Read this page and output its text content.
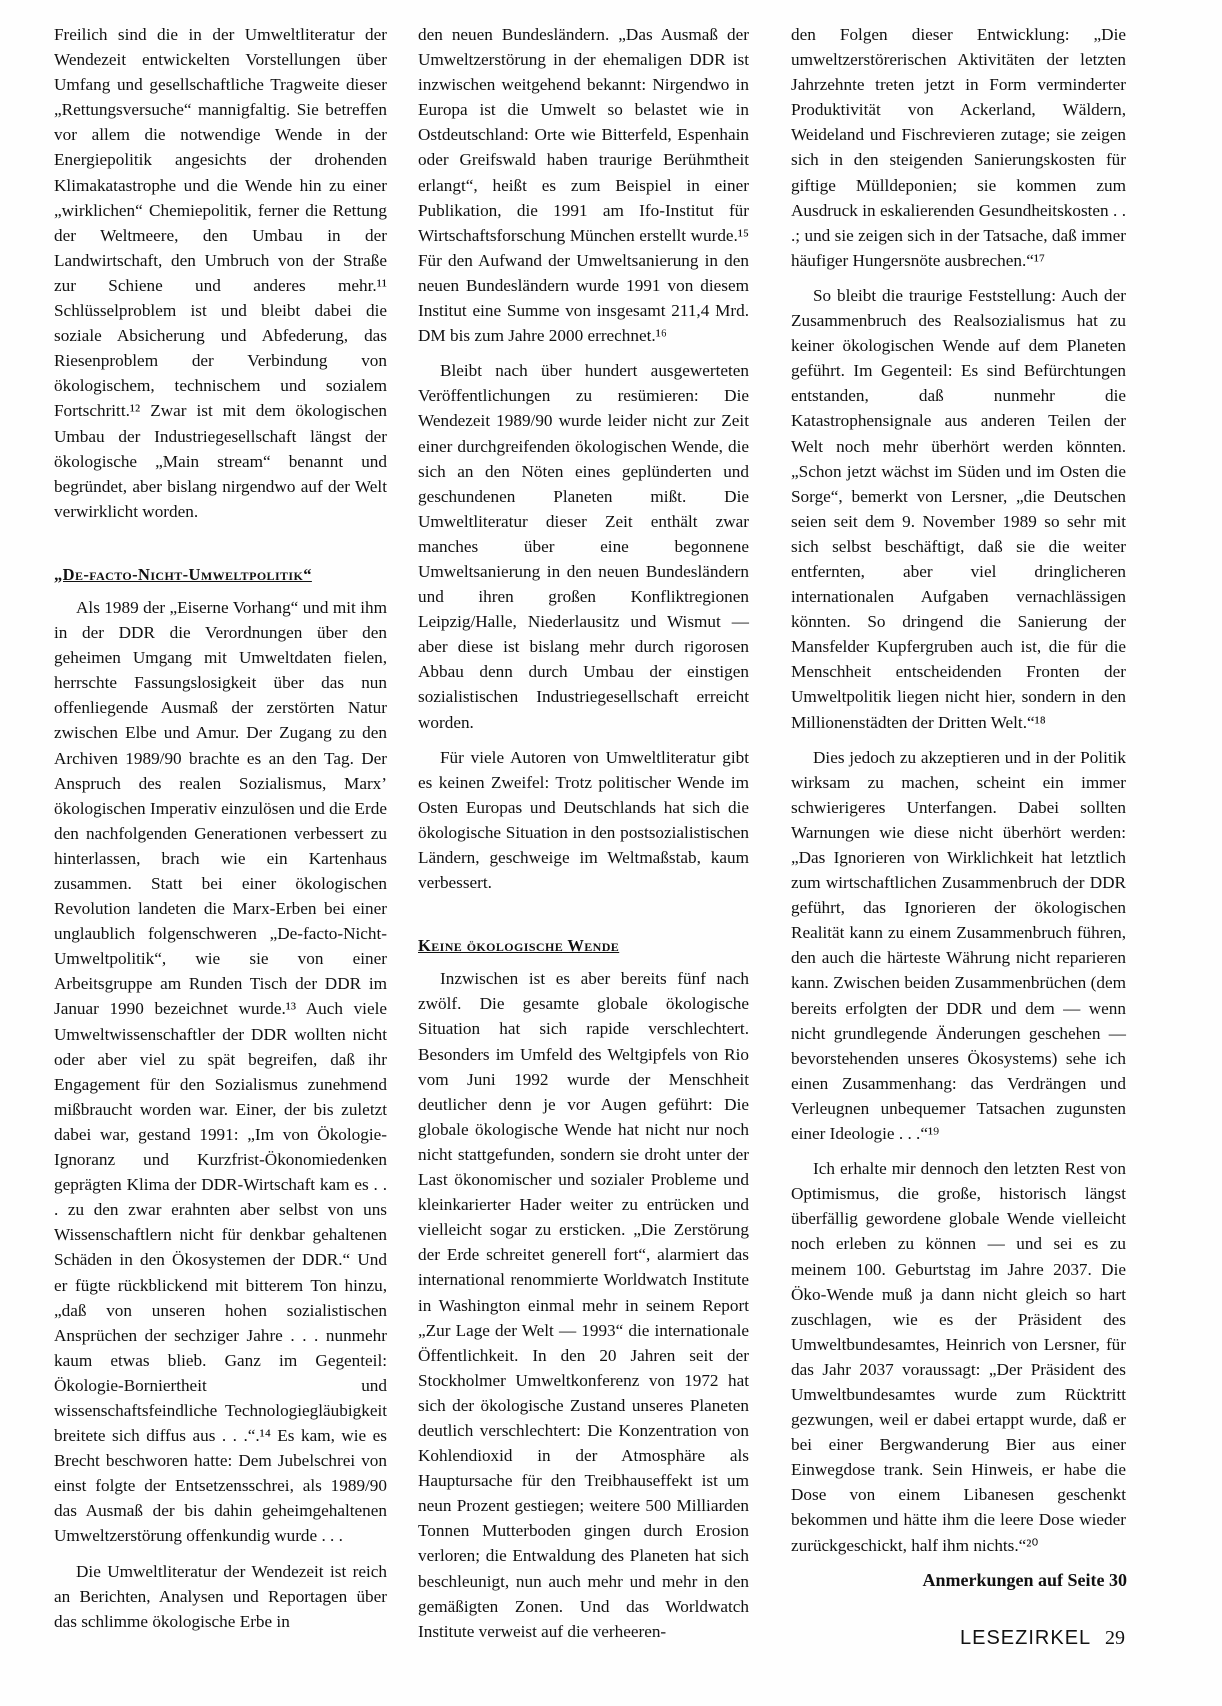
Freilich sind die in der Umweltliteratur der Wendezeit entwickelten Vorstellungen über Umfang und gesellschaftliche Tragweite dieser „Rettungsversuche“ mannigfaltig. Sie betreffen vor allem die notwendige Wende in der Energiepolitik angesichts der drohenden Klimakatastrophe und die Wende hin zu einer „wirklichen“ Chemiepolitik, ferner die Rettung der Weltmeere, den Umbau in der Landwirtschaft, den Umbruch von der Straße zur Schiene und anderes mehr.¹¹ Schlüsselproblem ist und bleibt dabei die soziale Absicherung und Abfederung, das Riesenproblem der Verbindung von ökologischem, technischem und sozialem Fortschritt.¹² Zwar ist mit dem ökologischen Umbau der Industriegesellschaft längst der ökologische „Main stream“ benannt und begründet, aber bislang nirgendwo auf der Welt verwirklicht worden.

„De-facto-Nicht-Umweltpolitik“

Als 1989 der „Eiserne Vorhang“ und mit ihm in der DDR die Verordnungen über den geheimen Umgang mit Umweltdaten fielen, herrschte Fassungslosigkeit über das nun offenliegende Ausmaß der zerstörten Natur zwischen Elbe und Amur. Der Zugang zu den Archiven 1989/90 brachte es an den Tag. Der Anspruch des realen Sozialismus, Marx’ ökologischen Imperativ einzulösen und die Erde den nachfolgenden Generationen verbessert zu hinterlassen, brach wie ein Kartenhaus zusammen. Statt bei einer ökologischen Revolution landeten die Marx-Erben bei einer unglaublich folgenschweren „De-facto-Nicht-Umweltpolitik“, wie sie von einer Arbeitsgruppe am Runden Tisch der DDR im Januar 1990 bezeichnet wurde.¹³ Auch viele Umweltwissenschaftler der DDR wollten nicht oder aber viel zu spät begreifen, daß ihr Engagement für den Sozialismus zunehmend mißbraucht worden war. Einer, der bis zuletzt dabei war, gestand 1991: „Im von Ökologie-Ignoranz und Kurzfrist-Ökonomiedenken geprägten Klima der DDR-Wirtschaft kam es . . . zu den zwar erahnten aber selbst von uns Wissenschaftlern nicht für denkbar gehaltenen Schäden in den Ökosystemen der DDR.“ Und er fügte rückblickend mit bitterem Ton hinzu, „daß von unseren hohen sozialistischen Ansprüchen der sechziger Jahre . . . nunmehr kaum etwas blieb. Ganz im Gegenteil: Ökologie-Borniertheit und wissenschaftsfeindliche Technologiegläubigkeit breitete sich diffus aus . . .“.¹⁴ Es kam, wie es Brecht beschworen hatte: Dem Jubelschrei von einst folgte der Entsetzensschrei, als 1989/90 das Ausmaß der bis dahin geheimgehaltenen Umweltzerstörung offenkundig wurde . . .

Die Umweltliteratur der Wendezeit ist reich an Berichten, Analysen und Reportagen über das schlimme ökologische Erbe in

den neuen Bundesländern. „Das Ausmaß der Umweltzerstörung in der ehemaligen DDR ist inzwischen weitgehend bekannt: Nirgendwo in Europa ist die Umwelt so belastet wie in Ostdeutschland: Orte wie Bitterfeld, Espenhain oder Greifswald haben traurige Berühmtheit erlangt“, heißt es zum Beispiel in einer Publikation, die 1991 am Ifo-Institut für Wirtschaftsforschung München erstellt wurde.¹⁵ Für den Aufwand der Umweltsanierung in den neuen Bundesländern wurde 1991 von diesem Institut eine Summe von insgesamt 211,4 Mrd. DM bis zum Jahre 2000 errechnet.¹⁶

Bleibt nach über hundert ausgewerteten Veröffentlichungen zu resümieren: Die Wendezeit 1989/90 wurde leider nicht zur Zeit einer durchgreifenden ökologischen Wende, die sich an den Nöten eines geplünderten und geschundenen Planeten mißt. Die Umweltliteratur dieser Zeit enthält zwar manches über eine begonnene Umweltsanierung in den neuen Bundesländern und ihren großen Konfliktregionen Leipzig/Halle, Niederlausitz und Wismut — aber diese ist bislang mehr durch rigorosen Abbau denn durch Umbau der einstigen sozialistischen Industriegesellschaft erreicht worden.

Für viele Autoren von Umweltliteratur gibt es keinen Zweifel: Trotz politischer Wende im Osten Europas und Deutschlands hat sich die ökologische Situation in den postsozialistischen Ländern, geschweige im Weltmaßstab, kaum verbessert.

Keine ökologische Wende

Inzwischen ist es aber bereits fünf nach zwölf. Die gesamte globale ökologische Situation hat sich rapide verschlechtert. Besonders im Umfeld des Weltgipfels von Rio vom Juni 1992 wurde der Menschheit deutlicher denn je vor Augen geführt: Die globale ökologische Wende hat nicht nur noch nicht stattgefunden, sondern sie droht unter der Last ökonomischer und sozialer Probleme und kleinkarierter Hader weiter zu entrücken und vielleicht sogar zu ersticken. „Die Zerstörung der Erde schreitet generell fort“, alarmiert das international renommierte Worldwatch Institute in Washington einmal mehr in seinem Report „Zur Lage der Welt — 1993“ die internationale Öffentlichkeit. In den 20 Jahren seit der Stockholmer Umweltkonferenz von 1972 hat sich der ökologische Zustand unseres Planeten deutlich verschlechtert: Die Konzentration von Kohlendioxid in der Atmosphäre als Hauptursache für den Treibhauseffekt ist um neun Prozent gestiegen; weitere 500 Milliarden Tonnen Mutterboden gingen durch Erosion verloren; die Entwaldung des Planeten hat sich beschleunigt, nun auch mehr und mehr in den gemäßigten Zonen. Und das Worldwatch Institute verweist auf die verheeren-

den Folgen dieser Entwicklung: „Die umweltzerstörerischen Aktivitäten der letzten Jahrzehnte treten jetzt in Form verminderter Produktivität von Ackerland, Wäldern, Weideland und Fischrevieren zutage; sie zeigen sich in den steigenden Sanierungskosten für giftige Mülldeponien; sie kommen zum Ausdruck in eskalierenden Gesundheitskosten . . .; und sie zeigen sich in der Tatsache, daß immer häufiger Hungersnöte ausbrechen.“¹⁷

So bleibt die traurige Feststellung: Auch der Zusammenbruch des Realsozialismus hat zu keiner ökologischen Wende auf dem Planeten geführt. Im Gegenteil: Es sind Befürchtungen entstanden, daß nunmehr die Katastrophensignale aus anderen Teilen der Welt noch mehr überhört werden könnten. „Schon jetzt wächst im Süden und im Osten die Sorge“, bemerkt von Lersner, „die Deutschen seien seit dem 9. November 1989 so sehr mit sich selbst beschäftigt, daß sie die weiter entfernten, aber viel dringlicheren internationalen Aufgaben vernachlässigen könnten. So dringend die Sanierung der Mansfelder Kupfergruben auch ist, die für die Menschheit entscheidenden Fronten der Umweltpolitik liegen nicht hier, sondern in den Millionenstädten der Dritten Welt.“¹⁸

Dies jedoch zu akzeptieren und in der Politik wirksam zu machen, scheint ein immer schwierigeres Unterfangen. Dabei sollten Warnungen wie diese nicht überhört werden: „Das Ignorieren von Wirklichkeit hat letztlich zum wirtschaftlichen Zusammenbruch der DDR geführt, das Ignorieren der ökologischen Realität kann zu einem Zusammenbruch führen, den auch die härteste Währung nicht reparieren kann. Zwischen beiden Zusammenbrüchen (dem bereits erfolgten der DDR und dem — wenn nicht grundlegende Änderungen geschehen — bevorstehenden unseres Ökosystems) sehe ich einen Zusammenhang: das Verdrängen und Verleugnen unbequemer Tatsachen zugunsten einer Ideologie . . .“¹⁹

Ich erhalte mir dennoch den letzten Rest von Optimismus, die große, historisch längst überfällig gewordene globale Wende vielleicht noch erleben zu können — und sei es zu meinem 100. Geburtstag im Jahre 2037. Die Öko-Wende muß ja dann nicht gleich so hart zuschlagen, wie es der Präsident des Umweltbundesamtes, Heinrich von Lersner, für das Jahr 2037 voraussagt: „Der Präsident des Umweltbundesamtes wurde zum Rücktritt gezwungen, weil er dabei ertappt wurde, daß er bei einer Bergwanderung Bier aus einer Einwegdose trank. Sein Hinweis, er habe die Dose von einem Libanesen geschenkt bekommen und hätte ihm die leere Dose wieder zurückgeschickt, half ihm nichts.“²⁰

Anmerkungen auf Seite 30
LESEZIRKEL 29
